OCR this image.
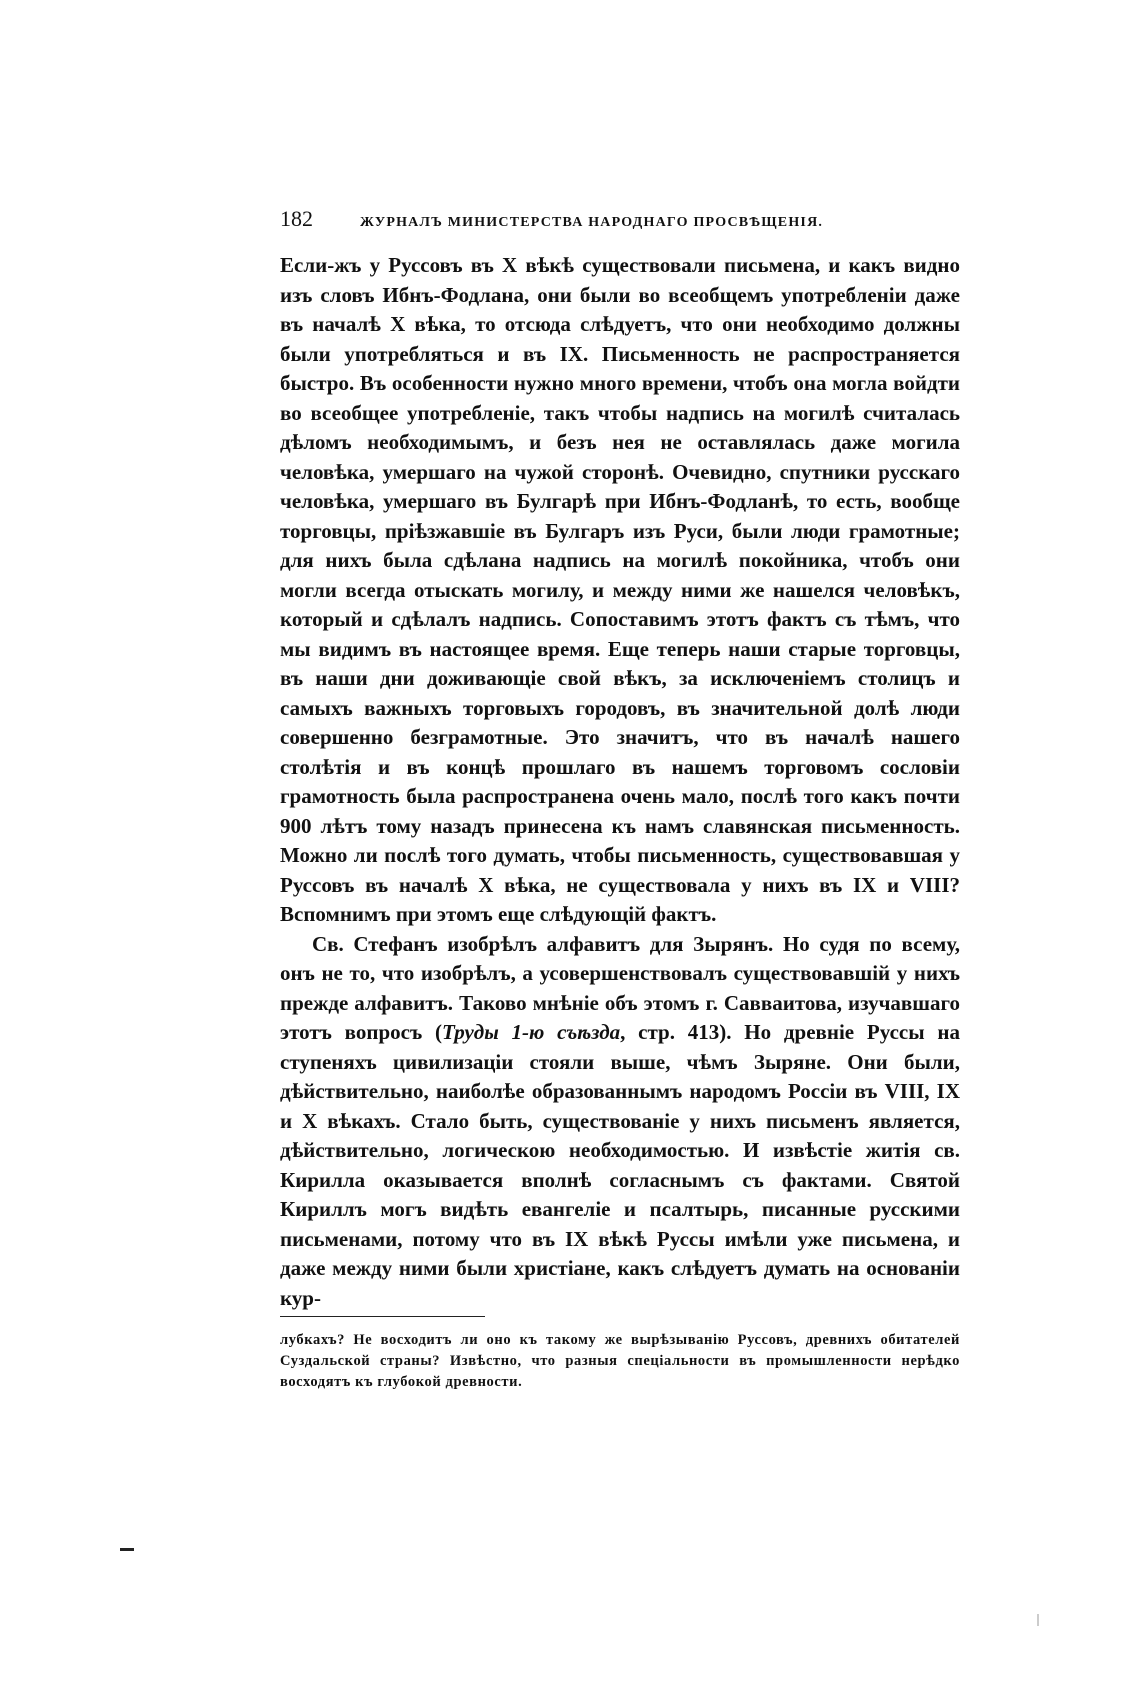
182	ЖУРНАЛЪ МИНИСТЕРСТВА НАРОДНАГО ПРОСВѢЩЕНІЯ.

Если-жъ у Руссовъ въ X вѣкѣ существовали письмена, и какъ видно изъ словъ Ибнъ-Фодлана, они были во всеобщемъ употребленіи даже въ началѣ X вѣка, то отсюда слѣдуетъ, что они необходимо должны были употребляться и въ IX. Письменность не распространяется быстро. Въ особенности нужно много времени, чтобъ она могла войдти во всеобщее употребленіе, такъ чтобы надпись на могилѣ считалась дѣломъ необходимымъ, и безъ нея не оставлялась даже могила человѣка, умершаго на чужой сторонѣ. Очевидно, спутники русскаго человѣка, умершаго въ Булгарѣ при Ибнъ-Фодланѣ, то есть, вообще торговцы, пріѣзжавшіе въ Булгаръ изъ Руси, были люди грамотные; для нихъ была сдѣлана надпись на могилѣ покойника, чтобъ они могли всегда отыскать могилу, и между ними же нашелся человѣкъ, который и сдѣлалъ надпись. Сопоставимъ этотъ фактъ съ тѣмъ, что мы видимъ въ настоящее время. Еще теперь наши старые торговцы, въ наши дни доживающіе свой вѣкъ, за исключеніемъ столицъ и самыхъ важныхъ торговыхъ городовъ, въ значительной долѣ люди совершенно безграмотные. Это значитъ, что въ началѣ нашего столѣтія и въ концѣ прошлаго въ нашемъ торговомъ сословіи грамотность была распространена очень мало, послѣ того какъ почти 900 лѣтъ тому назадъ принесена къ намъ славянская письменность. Можно ли послѣ того думать, чтобы письменность, существовавшая у Руссовъ въ началѣ X вѣка, не существовала у нихъ въ IX и VIII? Вспомнимъ при этомъ еще слѣдующій фактъ.

Св. Стефанъ изобрѣлъ алфавитъ для Зырянъ. Но судя по всему, онъ не то, что изобрѣлъ, а усовершенствовалъ существовавшій у нихъ прежде алфавитъ. Таково мнѣніе объ этомъ г. Савваитова, изучавшаго этотъ вопросъ (Труды 1-ю съѣзда, стр. 413). Но древніе Руссы на ступеняхъ цивилизаціи стояли выше, чѣмъ Зыряне. Они были, дѣйствительно, наиболѣе образованнымъ народомъ Россіи въ VIII, IX и X вѣкахъ. Стало быть, существованіе у нихъ письменъ является, дѣйствительно, логическою необходимостью. И извѣстіе житія св. Кирилла оказывается вполнѣ согласнымъ съ фактами. Святой Кириллъ могъ видѣть евангеліе и псалтырь, писанные русскими письменами, потому что въ IX вѣкѣ Руссы имѣли уже письмена, и даже между ними были христіане, какъ слѣдуетъ думать на основаніи кур-

лубкахъ? Не восходитъ ли оно къ такому же вырѣзыванію Руссовъ, древнихъ обитателей Суздальской страны? Извѣстно, что разныя спеціальности въ промышленности нерѣдко восходятъ къ глубокой древности.
